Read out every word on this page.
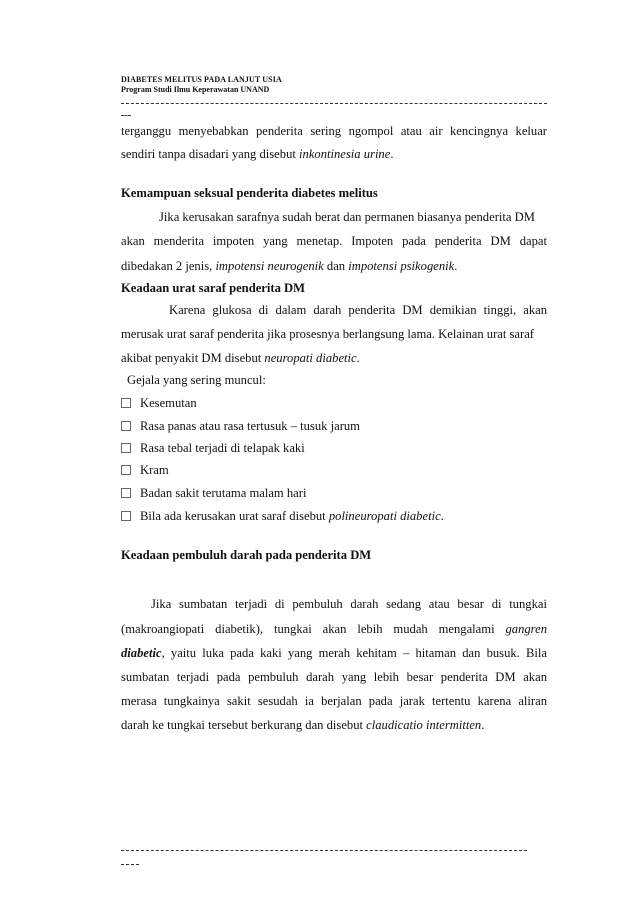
DIABETES MELITUS PADA LANJUT USIA
Program Studi Ilmu Keperawatan UNAND
terganggu menyebabkan penderita sering ngompol atau air kencingnya keluar
sendiri tanpa disadari yang disebut inkontinesia urine.
Kemampuan seksual penderita diabetes melitus
Jika kerusakan sarafnya sudah berat dan permanen biasanya penderita DM
akan menderita impoten yang menetap. Impoten pada penderita DM dapat
dibedakan 2 jenis, impotensi neurogenik dan impotensi psikogenik.
Keadaan urat saraf penderita DM
Karena glukosa di dalam darah penderita DM demikian tinggi, akan
merusak urat saraf penderita jika prosesnya berlangsung lama. Kelainan urat saraf
akibat penyakit DM disebut neuropati diabetic.
Gejala yang sering muncul:
Kesemutan
Rasa panas atau rasa tertusuk – tusuk jarum
Rasa tebal terjadi di telapak kaki
Kram
Badan sakit terutama malam hari
Bila ada kerusakan urat saraf disebut polineuropati diabetic.
Keadaan pembuluh darah pada penderita DM
Jika sumbatan terjadi di pembuluh darah sedang atau besar di tungkai
(makroangiopati diabetik), tungkai akan lebih mudah mengalami gangren
diabetic, yaitu luka pada kaki yang merah kehitam – hitaman dan busuk. Bila
sumbatan terjadi pada pembuluh darah yang lebih besar penderita DM akan
merasa tungkainya sakit sesudah ia berjalan pada jarak tertentu karena aliran
darah ke tungkai tersebut berkurang dan disebut claudicatio intermitten.
